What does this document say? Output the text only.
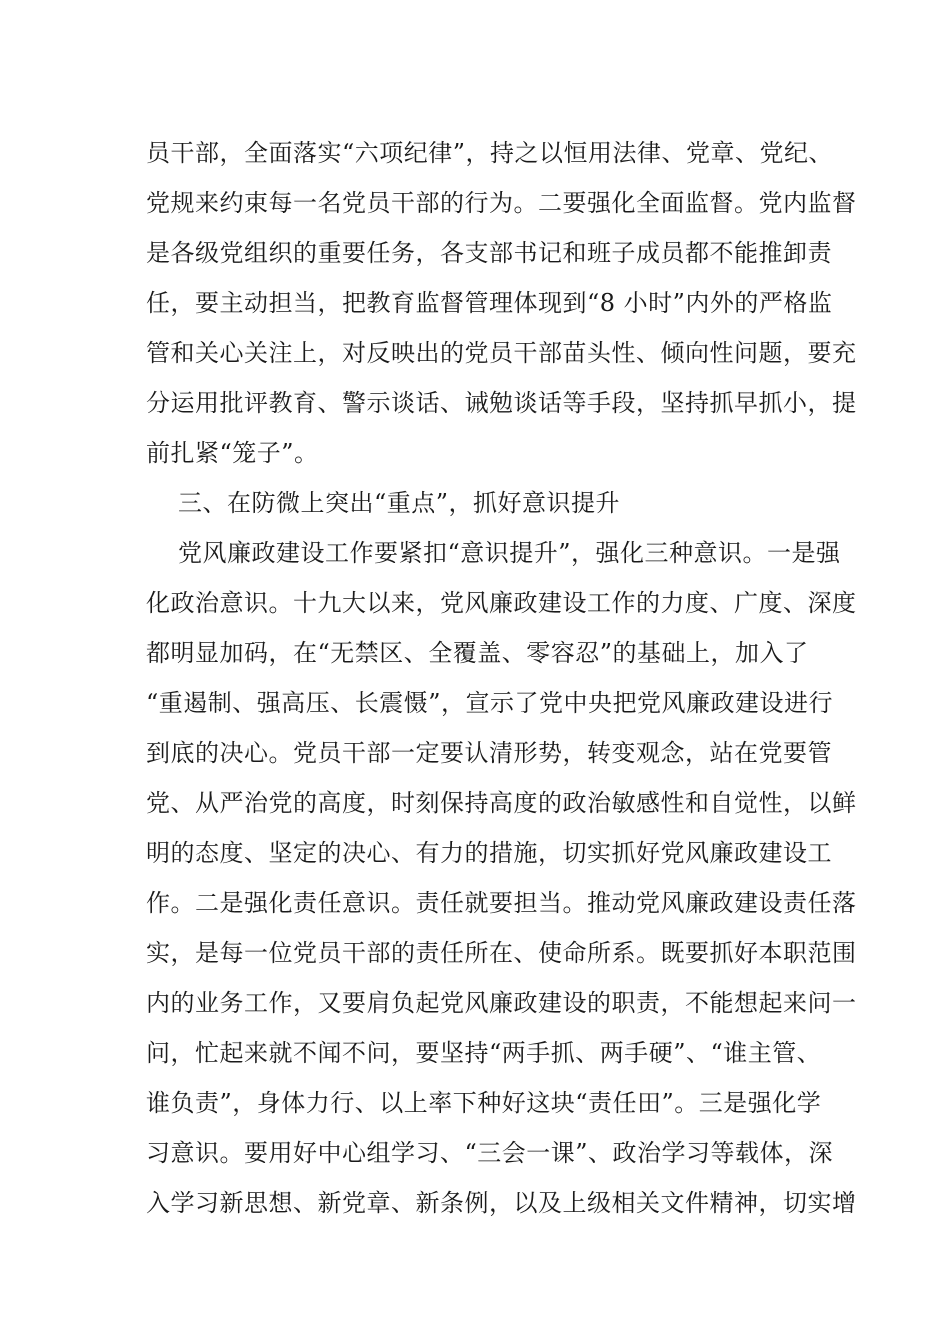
员干部，全面落实“六项纪律”，持之以恒用法律、党章、党纪、
党规来约束每一名党员干部的行为。二要强化全面监督。党内监督
是各级党组织的重要任务，各支部书记和班子成员都不能推卸责
任，要主动担当，把教育监督管理体现到“8 小时”内外的严格监
管和关心关注上，对反映出的党员干部苗头性、倾向性问题，要充
分运用批评教育、警示谈话、诫勉谈话等手段，坚持抓早抓小，提
前扎紧“笼子”。
三、在防微上突出“重点”，抓好意识提升
党风廉政建设工作要紧扣“意识提升”，强化三种意识。一是强
化政治意识。十九大以来，党风廉政建设工作的力度、广度、深度
都明显加码，在“无禁区、全覆盖、零容忍”的基础上，加入了
“重遏制、强高压、长震慑”，宣示了党中央把党风廉政建设进行
到底的决心。党员干部一定要认清形势，转变观念，站在党要管
党、从严治党的高度，时刻保持高度的政治敏感性和自觉性，以鲜
明的态度、坚定的决心、有力的措施，切实抓好党风廉政建设工
作。二是强化责任意识。责任就要担当。推动党风廉政建设责任落
实，是每一位党员干部的责任所在、使命所系。既要抓好本职范围
内的业务工作，又要肩负起党风廉政建设的职责，不能想起来问一
问，忙起来就不闻不问，要坚持“两手抓、两手硬”、“谁主管、
谁负责”，身体力行、以上率下种好这块“责任田”。三是强化学
习意识。要用好中心组学习、“三会一课”、政治学习等载体，深
入学习新思想、新党章、新条例，以及上级相关文件精神，切实增
